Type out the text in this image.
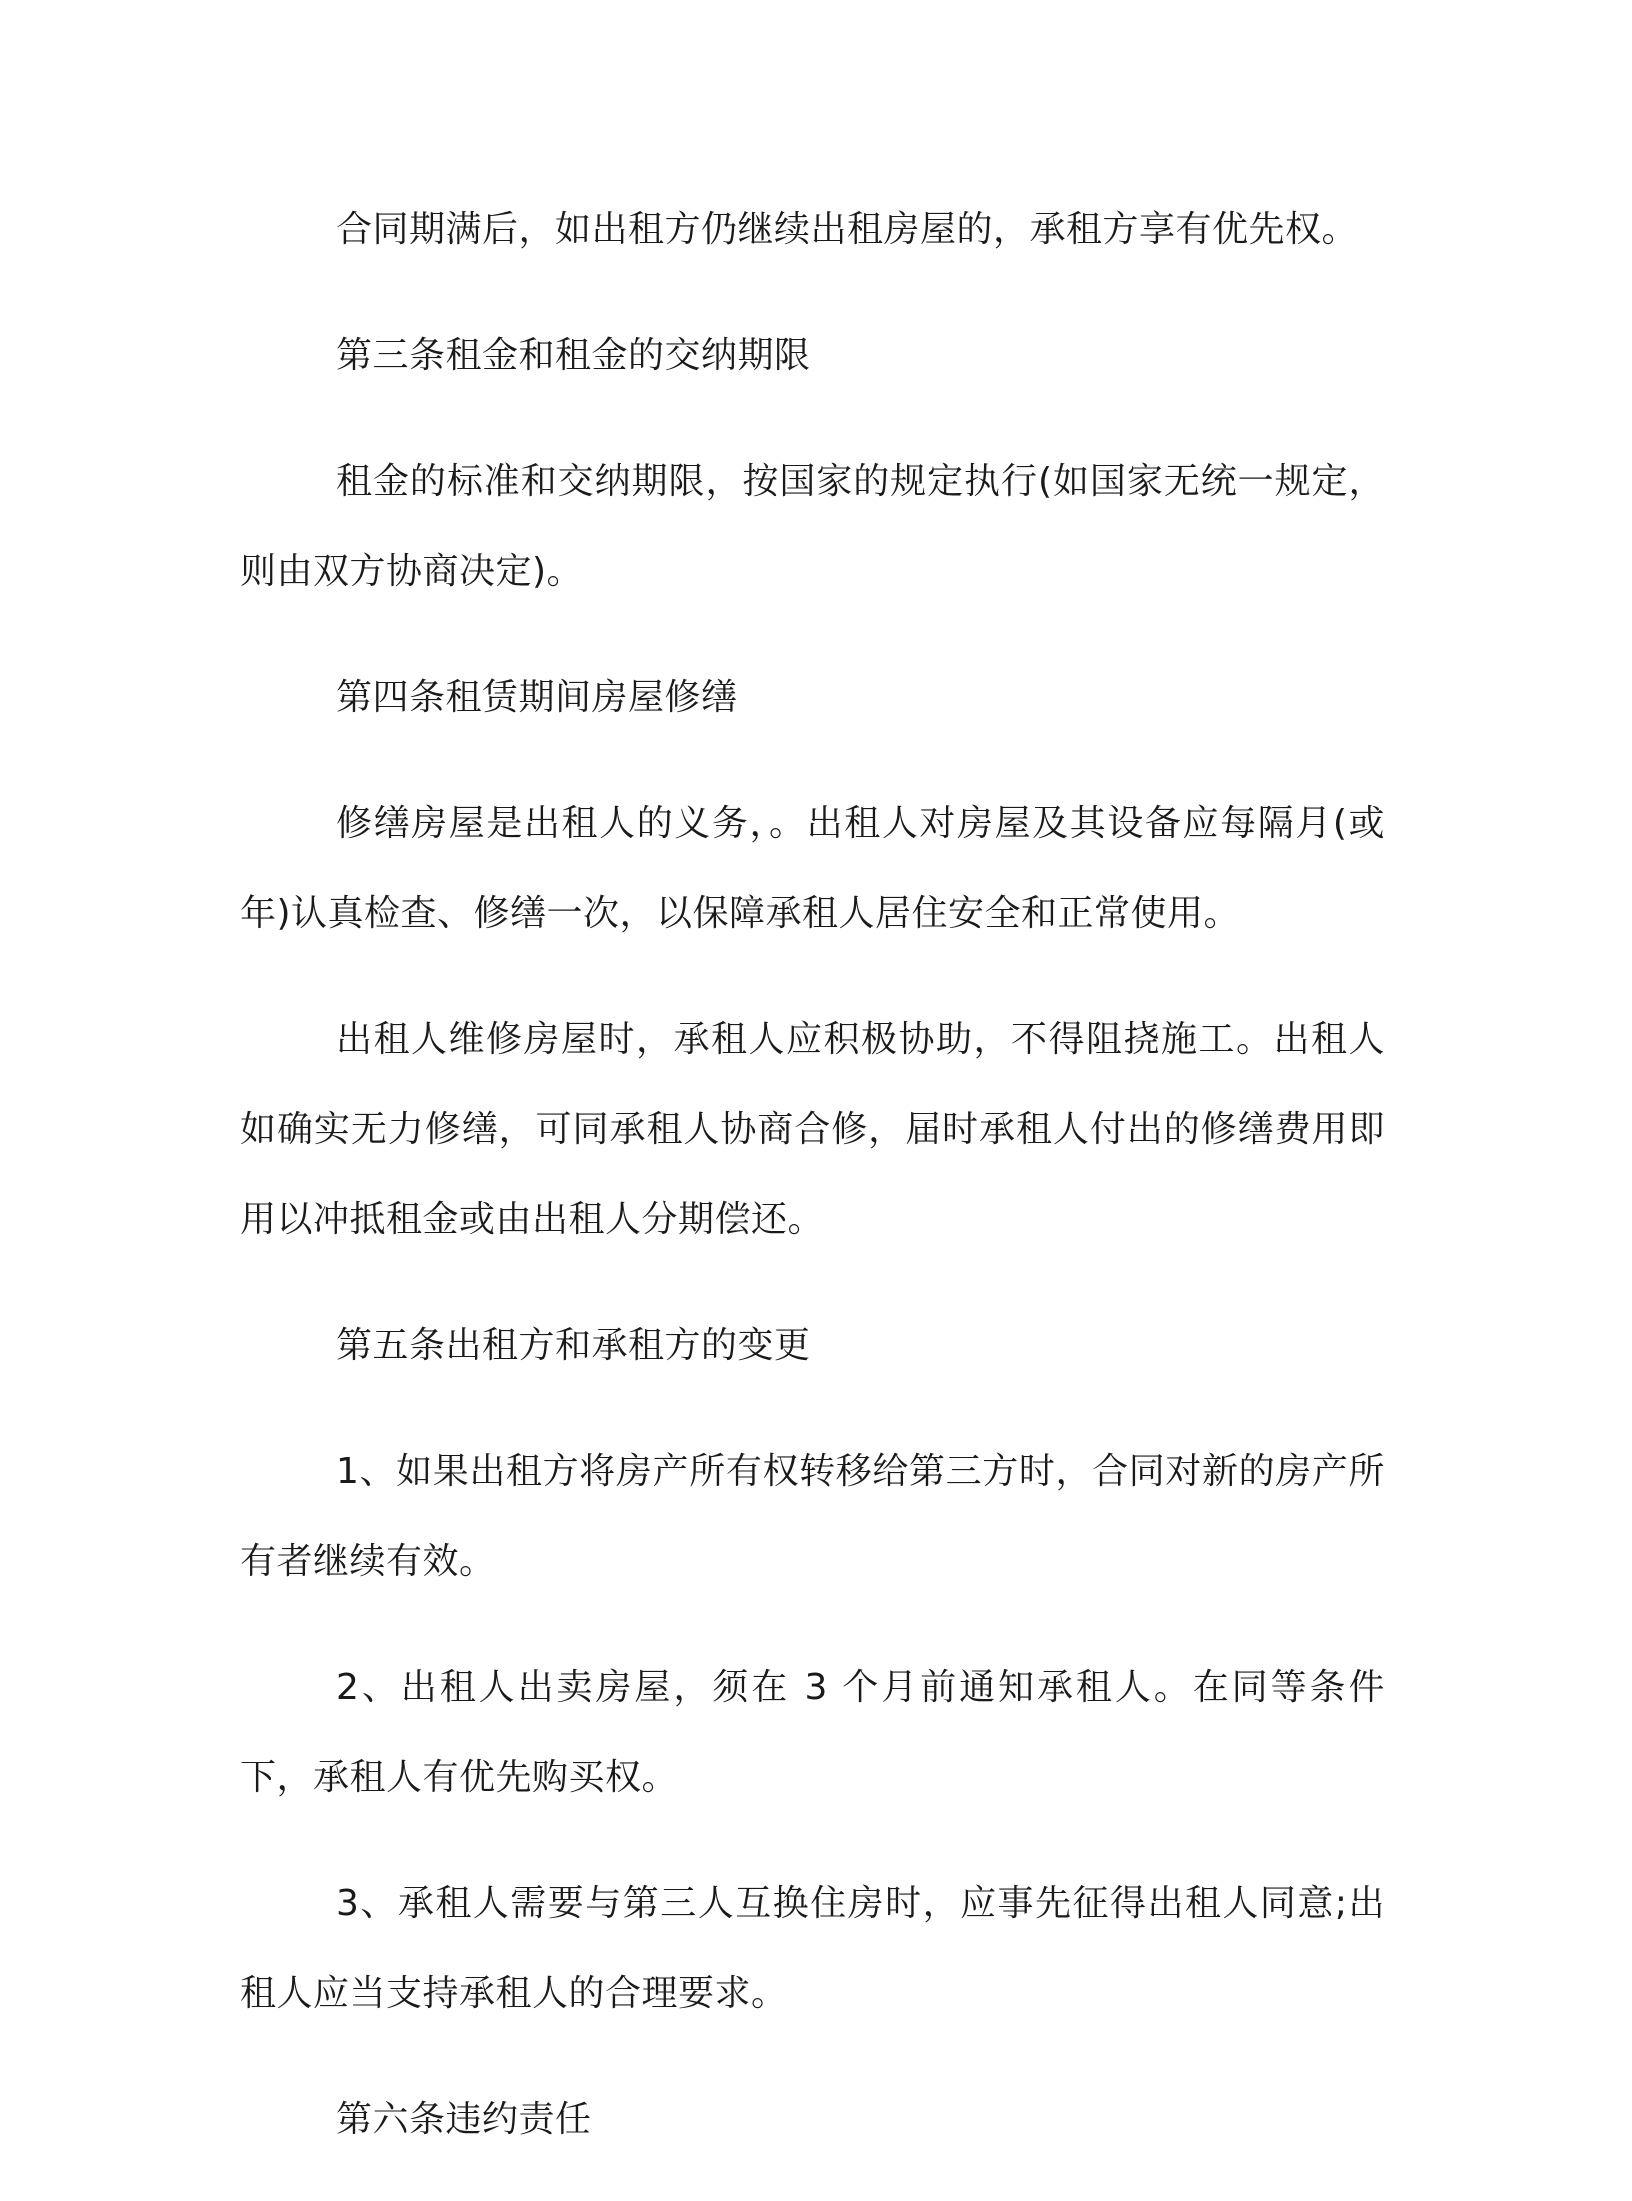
合同期满后，如出租方仍继续出租房屋的，承租方享有优先权。

第三条租金和租金的交纳期限

租金的标准和交纳期限，按国家的规定执行(如国家无统一规定，则由双方协商决定)。

第四条租赁期间房屋修缮

修缮房屋是出租人的义务，。出租人对房屋及其设备应每隔月(或年)认真检查、修缮一次，以保障承租人居住安全和正常使用。

出租人维修房屋时，承租人应积极协助，不得阻挠施工。出租人如确实无力修缮，可同承租人协商合修，届时承租人付出的修缮费用即用以冲抵租金或由出租人分期偿还。

第五条出租方和承租方的变更

1、如果出租方将房产所有权转移给第三方时，合同对新的房产所有者继续有效。

2、出租人出卖房屋，须在 3 个月前通知承租人。在同等条件下，承租人有优先购买权。

3、承租人需要与第三人互换住房时，应事先征得出租人同意;出租人应当支持承租人的合理要求。

第六条违约责任
